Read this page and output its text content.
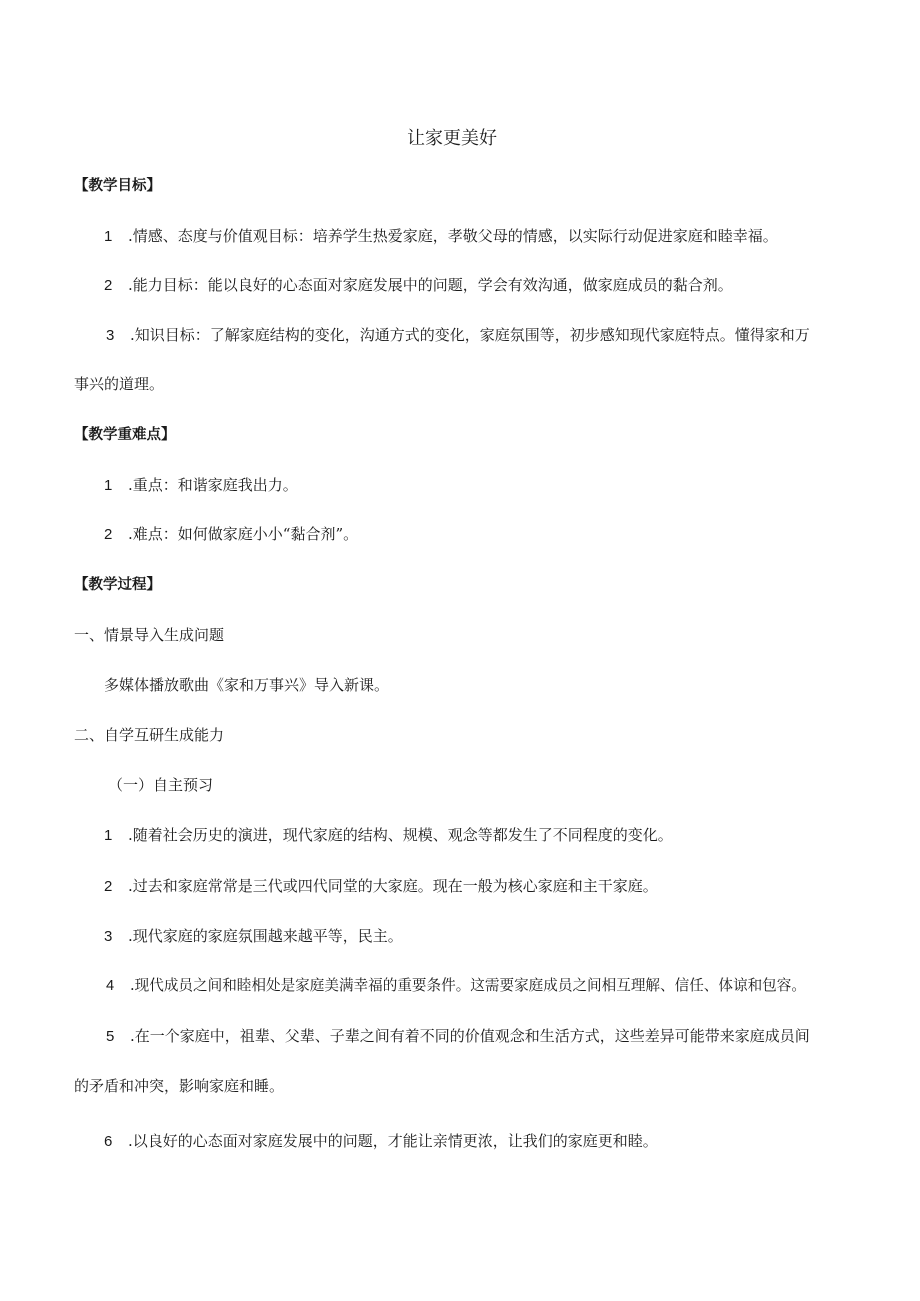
让家更美好
【教学目标】
1 .情感、态度与价值观目标：培养学生热爱家庭，孝敬父母的情感，以实际行动促进家庭和睦幸福。
2 .能力目标：能以良好的心态面对家庭发展中的问题，学会有效沟通，做家庭成员的黏合剂。
3 .知识目标：了解家庭结构的变化，沟通方式的变化，家庭氛围等，初步感知现代家庭特点。懂得家和万
事兴的道理。
【教学重难点】
1 .重点：和谐家庭我出力。
2 .难点：如何做家庭小小“黏合剂”。
【教学过程】
一、情景导入生成问题
多媒体播放歌曲《家和万事兴》导入新课。
二、自学互研生成能力
（一）自主预习
1 .随着社会历史的演进，现代家庭的结构、规模、观念等都发生了不同程度的变化。
2 .过去和家庭常常是三代或四代同堂的大家庭。现在一般为核心家庭和主干家庭。
3 .现代家庭的家庭氛围越来越平等，民主。
4 .现代成员之间和睦相处是家庭美满幸福的重要条件。这需要家庭成员之间相互理解、信任、体谅和包容。
5 .在一个家庭中，祖辈、父辈、子辈之间有着不同的价值观念和生活方式，这些差异可能带来家庭成员间
的矛盾和冲突，影响家庭和睡。
6 .以良好的心态面对家庭发展中的问题，才能让亲情更浓，让我们的家庭更和睦。
